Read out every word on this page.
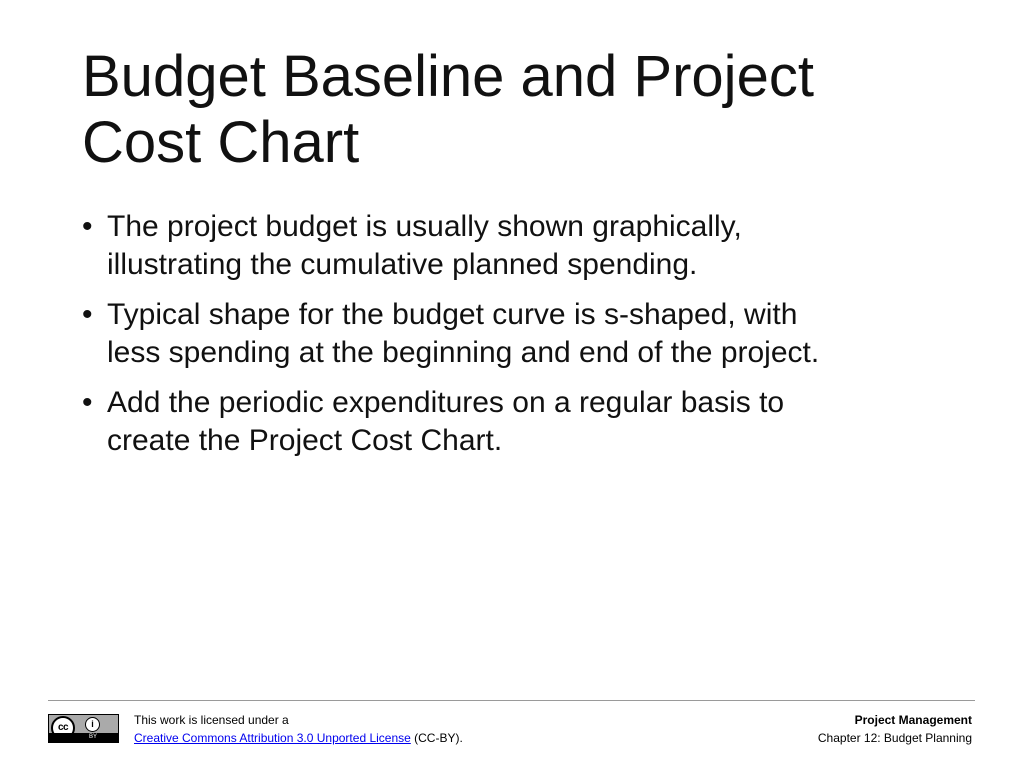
Budget Baseline and Project
Cost Chart
• The project budget is usually shown graphically,
illustrating the cumulative planned spending.
• Typical shape for the budget curve is s-shaped, with
less spending at the beginning and end of the project.
• Add the periodic expenditures on a regular basis to
create the Project Cost Chart.
cc	i
BY
This work is licensed under a
Creative Commons Attribution 3.0 Unported License (CC-BY).
Project Management
Chapter 12: Budget Planning
